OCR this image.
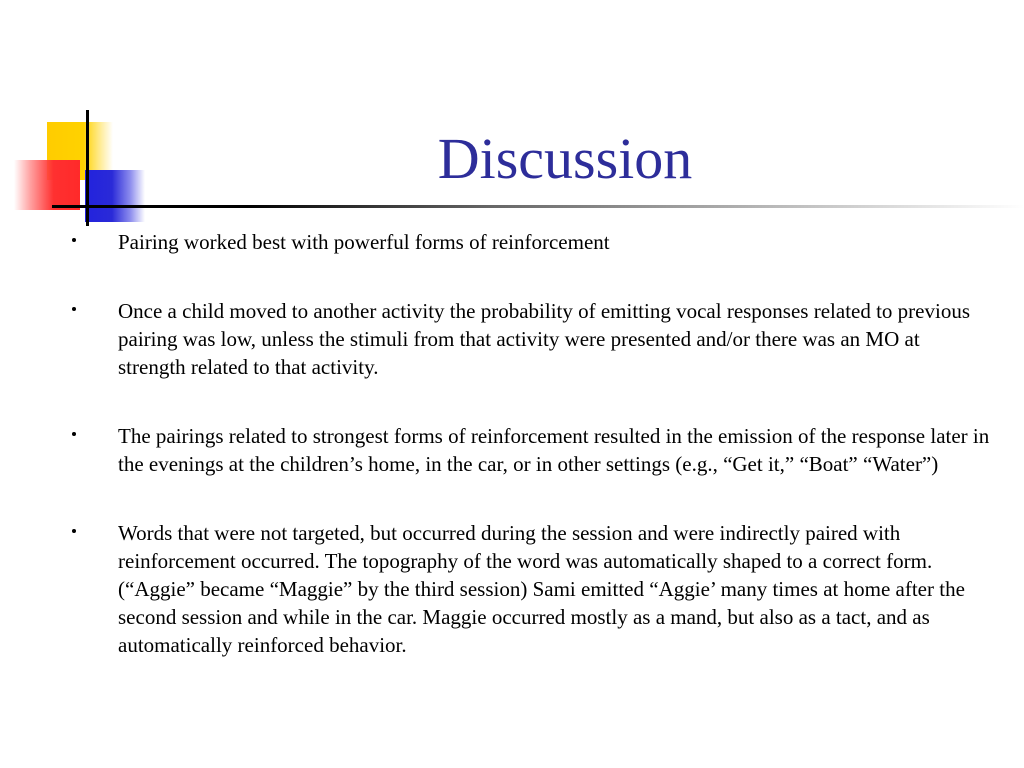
Discussion
Pairing worked best with powerful forms of reinforcement
Once a child moved to another activity the probability of emitting vocal responses related to previous pairing was low, unless the stimuli from that activity were presented and/or there was an MO at strength related to that activity.
The pairings related to strongest forms of reinforcement resulted in the emission of the response later in the evenings at the children’s home, in the car, or in other settings (e.g., “Get it,” “Boat” “Water”)
Words that were not targeted, but occurred during the session and were indirectly paired with reinforcement occurred. The topography of the word was automatically shaped to a correct form. (“Aggie” became “Maggie” by the third session) Sami emitted “Aggie’ many times at home after the second session and while in the car. Maggie occurred mostly as a mand, but also as a tact, and as automatically reinforced behavior.
